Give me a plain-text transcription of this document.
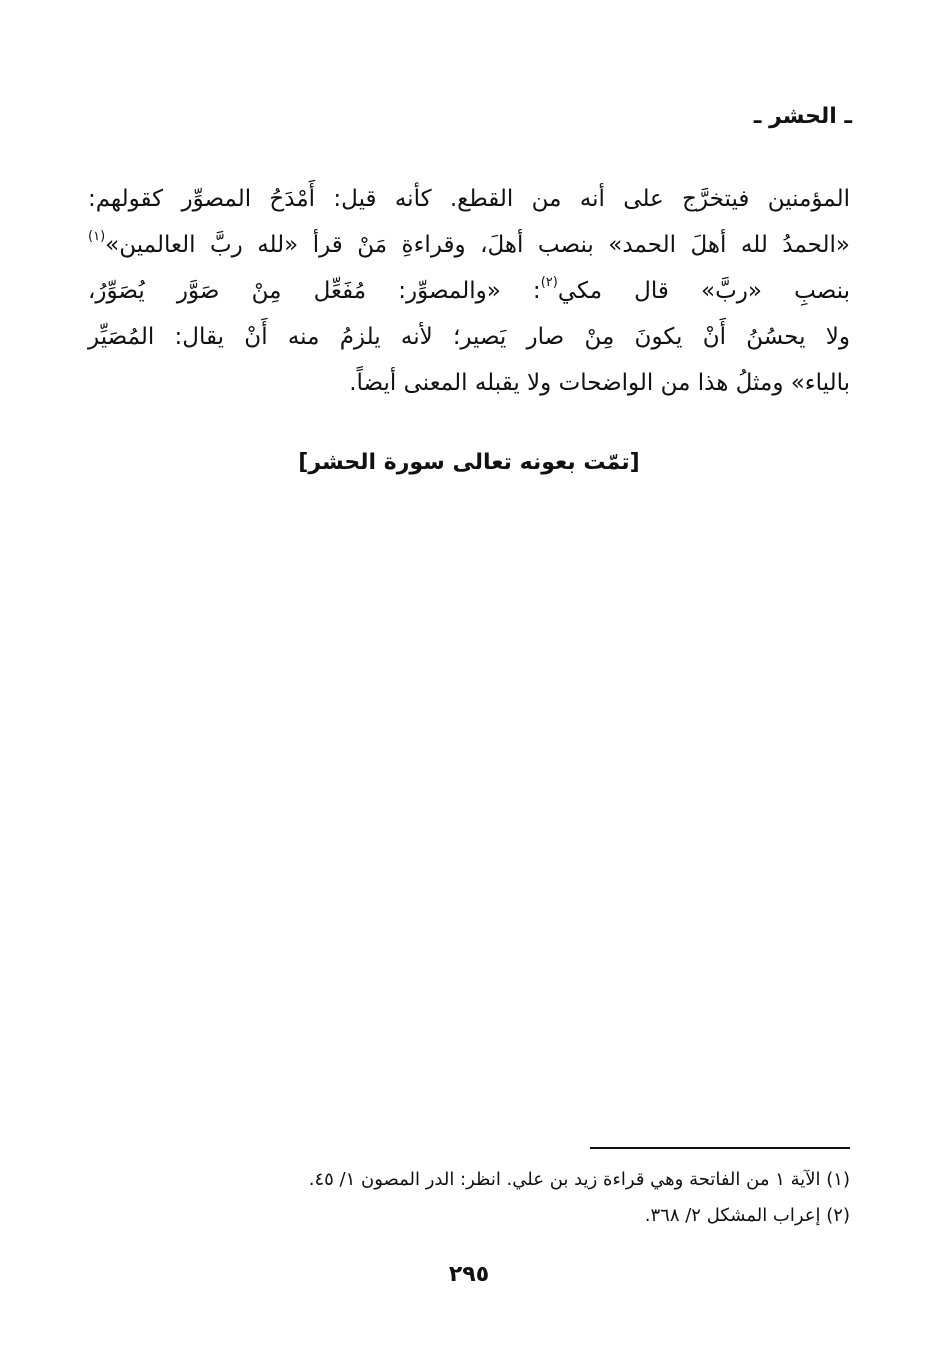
ـ الحشر ـ
المؤمنين فيتخرَّج على أنه من القطع. كأنه قيل: أَمْدَحُ المصوِّر كقولهم:
«الحمدُ لله أهلَ الحمد» بنصب أهلَ، وقراءةِ مَنْ قرأ «لله ربَّ العالمين»$^{(١)}$
بنصبِ «ربَّ» قال مكي$^{(٢)}$: «والمصوِّر: مُفَعِّل مِنْ صَوَّر يُصَوِّرُ،
ولا يحسُنُ أَنْ يكونَ مِنْ صار يَصير؛ لأنه يلزمُ منه أَنْ يقال: المُصَيِّر
بالياء» ومثلُ هذا من الواضحات ولا يقبله المعنى أيضاً.
[تمّت بعونه تعالى سورة الحشر]
(١) الآية ١ من الفاتحة وهي قراءة زيد بن علي. انظر: الدر المصون ١/ ٤٥.
(٢) إعراب المشكل ٢/ ٣٦٨.
٢٩٥
